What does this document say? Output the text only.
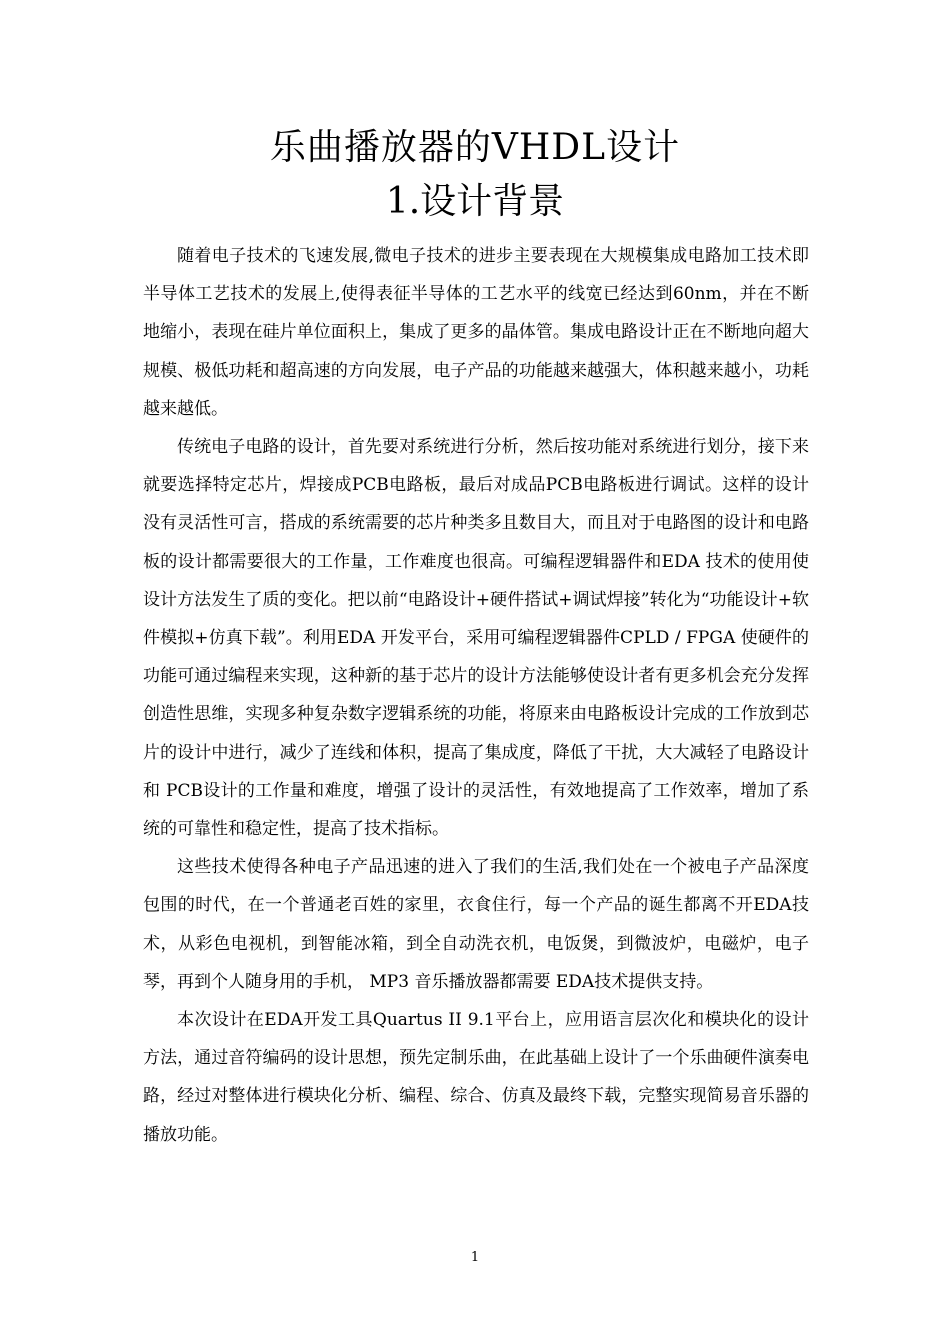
乐曲播放器的VHDL设计
1.设计背景

随着电子技术的飞速发展,微电子技术的进步主要表现在大规模集成电路加工技术即半导体工艺技术的发展上,使得表征半导体的工艺水平的线宽已经达到60nm，并在不断地缩小，表现在硅片单位面积上，集成了更多的晶体管。集成电路设计正在不断地向超大规模、极低功耗和超高速的方向发展，电子产品的功能越来越强大，体积越来越小，功耗越来越低。

传统电子电路的设计，首先要对系统进行分析，然后按功能对系统进行划分，接下来就要选择特定芯片，焊接成PCB电路板，最后对成品PCB电路板进行调试。这样的设计没有灵活性可言，搭成的系统需要的芯片种类多且数目大，而且对于电路图的设计和电路板的设计都需要很大的工作量，工作难度也很高。可编程逻辑器件和EDA 技术的使用使设计方法发生了质的变化。把以前“电路设计+硬件搭试+调试焊接”转化为“功能设计+软件模拟+仿真下载”。利用EDA 开发平台，采用可编程逻辑器件CPLD / FPGA 使硬件的功能可通过编程来实现，这种新的基于芯片的设计方法能够使设计者有更多机会充分发挥创造性思维，实现多种复杂数字逻辑系统的功能，将原来由电路板设计完成的工作放到芯片的设计中进行，减少了连线和体积，提高了集成度，降低了干扰，大大减轻了电路设计和 PCB设计的工作量和难度，增强了设计的灵活性，有效地提高了工作效率，增加了系统的可靠性和稳定性，提高了技术指标。

这些技术使得各种电子产品迅速的进入了我们的生活,我们处在一个被电子产品深度包围的时代，在一个普通老百姓的家里，衣食住行，每一个产品的诞生都离不开EDA技术，从彩色电视机，到智能冰箱，到全自动洗衣机，电饭煲，到微波炉，电磁炉，电子琴，再到个人随身用的手机， MP3 音乐播放器都需要 EDA技术提供支持。

本次设计在EDA开发工具Quartus II 9.1平台上，应用语言层次化和模块化的设计方法，通过音符编码的设计思想，预先定制乐曲，在此基础上设计了一个乐曲硬件演奏电路，经过对整体进行模块化分析、编程、综合、仿真及最终下载，完整实现简易音乐器的播放功能。

1
